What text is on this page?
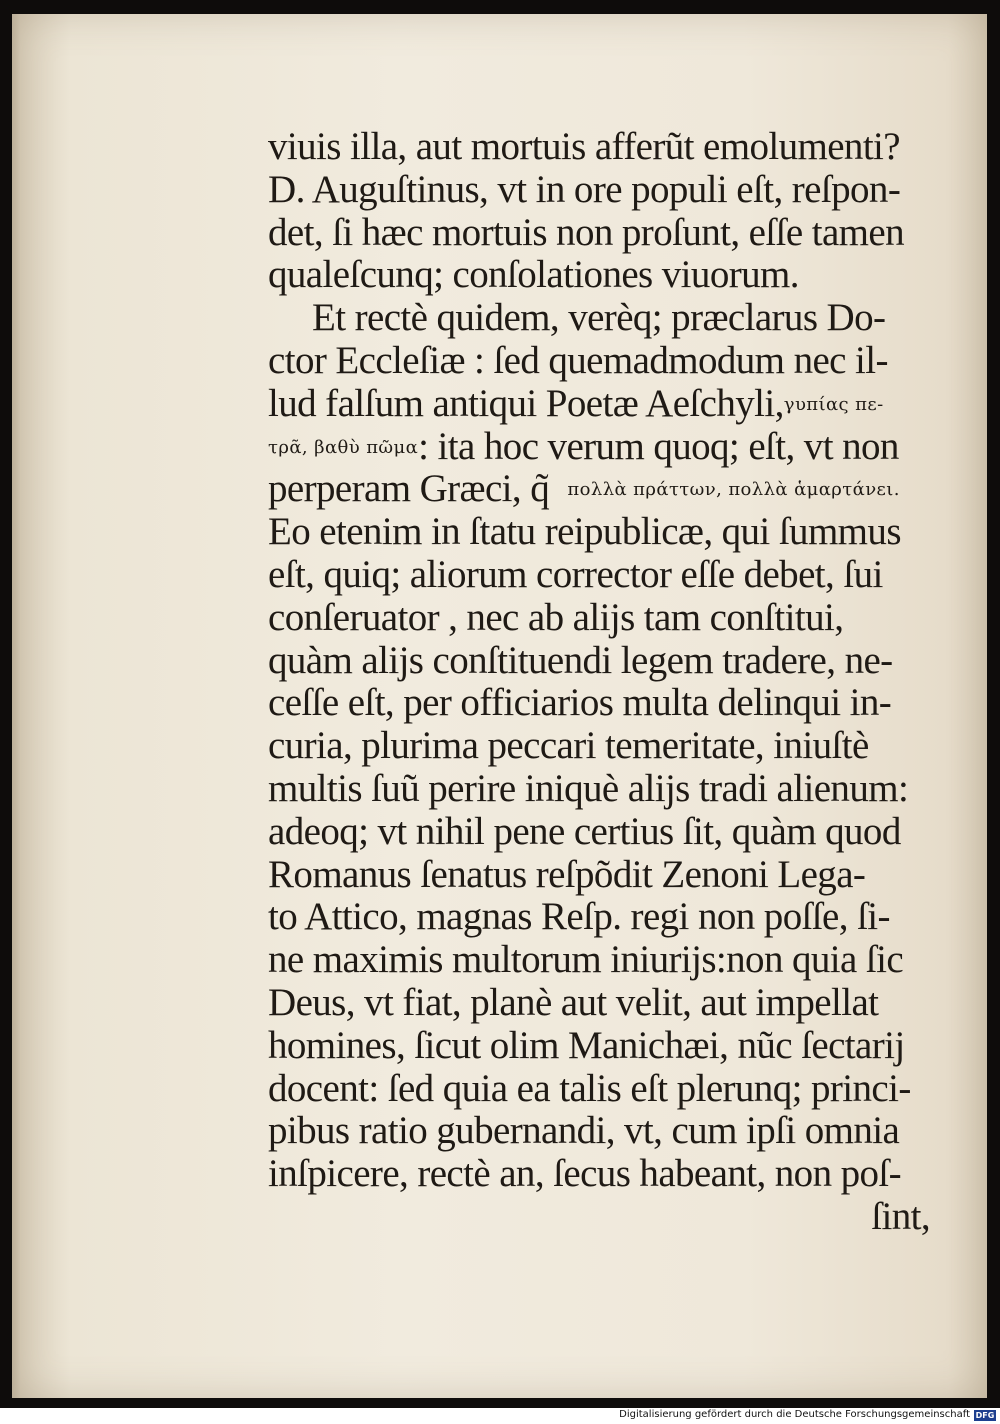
viuis illa, aut mortuis afferũt emolumenti?
D. Auguſtinus, vt in ore populi eſt, reſpon-
det, ſi hæc mortuis non proſunt, eſſe tamen
qualeſcunq; conſolationes viuorum.
Et rectè quidem, verèq; præclarus Do-
ctor Eccleſiæ : ſed quemadmodum nec il-
lud falſum antiqui Poetæ Aeſchyli,γυπίας πε-
τρᾶ, βαθὺ πῶμα: ita hoc verum quoq; eſt, vt non
perperam Græci, q̃ πολλὰ πράττων, πολλὰ ἁμαρτάνει.
Eo etenim in ſtatu reipublicæ, qui ſummus
eſt, quiq; aliorum corrector eſſe debet, ſui
conſeruator , nec ab alijs tam conſtitui,
quàm alijs conſtituendi legem tradere, ne-
ceſſe eſt, per officiarios multa delinqui in-
curia, plurima peccari temeritate, iniuſtè
multis ſuũ perire iniquè alijs tradi alienum:
adeoq; vt nihil pene certius ſit, quàm quod
Romanus ſenatus reſpõdit Zenoni Lega-
to Attico, magnas Reſp. regi non poſſe, ſi-
ne maximis multorum iniurijs:non quia ſic
Deus, vt fiat, planè aut velit, aut impellat
homines, ſicut olim Manichæi, nũc ſectarij
docent: ſed quia ea talis eſt plerunq; princi-
pibus ratio gubernandi, vt, cum ipſi omnia
inſpicere, rectè an, ſecus habeant, non poſ-
ſint,
Digitalisierung gefördert durch die Deutsche Forschungsgemeinschaft DFG
